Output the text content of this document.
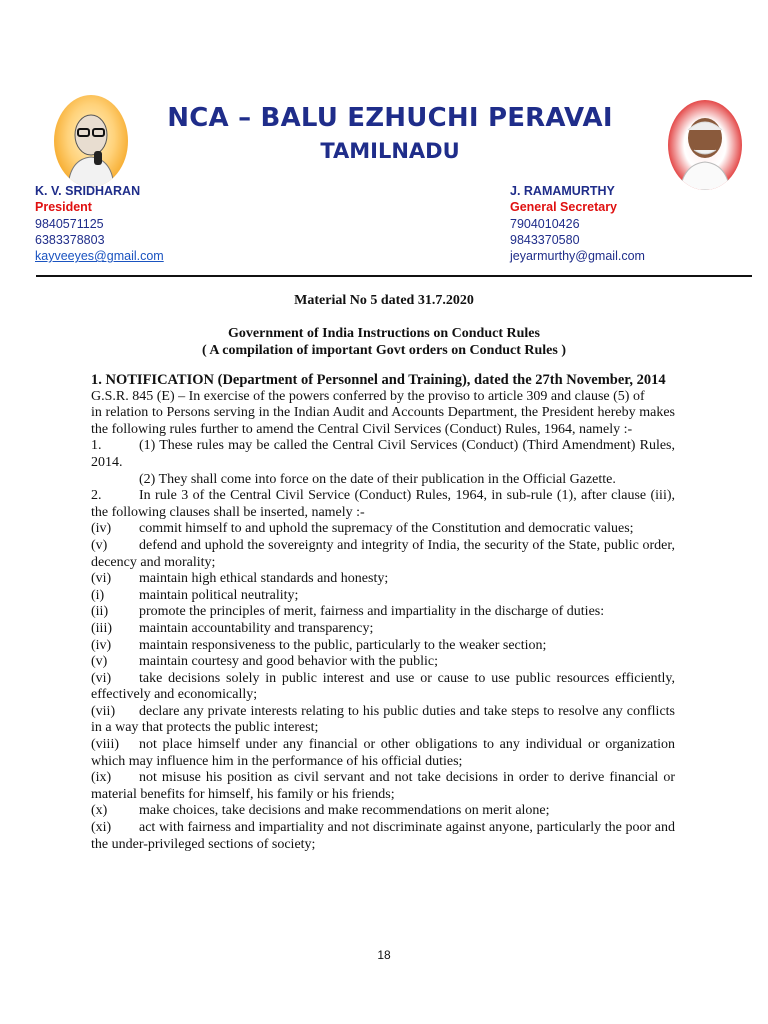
NCA – BALU EZHUCHI PERAVAI
TAMILNADU
K. V. SRIDHARAN
President
9840571125
6383378803
kayveeyes@gmail.com
J. RAMAMURTHY
General Secretary
7904010426
9843370580
jeyarmurthy@gmail.com
Material No 5 dated 31.7.2020
Government of India Instructions on Conduct Rules
( A compilation of important Govt orders on Conduct Rules )

1. NOTIFICATION (Department of Personnel and Training), dated the 27th November, 2014

G.S.R. 845 (E) – In exercise of the powers conferred by the proviso to article 309 and clause (5) of

in relation to Persons serving in the Indian Audit and Accounts Department, the President hereby makes the following rules further to amend the Central Civil Services (Conduct) Rules, 1964, namely :-

1.	(1) These rules may be called the Central Civil Services (Conduct) (Third Amendment) Rules, 2014.

(2) They shall come into force on the date of their publication in the Official Gazette.

2.	In rule 3 of the Central Civil Service (Conduct) Rules, 1964, in sub-rule (1), after clause (iii), the following clauses shall be inserted, namely :-

(iv) commit himself to and uphold the supremacy of the Constitution and democratic values;

(v) defend and uphold the sovereignty and integrity of India, the security of the State, public order, decency and morality;

(vi) maintain high ethical standards and honesty;

(i) maintain political neutrality;

(ii) promote the principles of merit, fairness and impartiality in the discharge of duties:

(iii) maintain accountability and transparency;

(iv) maintain responsiveness to the public, particularly to the weaker section;

(v) maintain courtesy and good behavior with the public;

(vi) take decisions solely in public interest and use or cause to use public resources efficiently, effectively and economically;

(vii) declare any private interests relating to his public duties and take steps to resolve any conflicts in a way that protects the public interest;

(viii) not place himself under any financial or other obligations to any individual or organization which may influence him in the performance of his official duties;

(ix) not misuse his position as civil servant and not take decisions in order to derive financial or material benefits for himself, his family or his friends;

(x) make choices, take decisions and make recommendations on merit alone;

(xi) act with fairness and impartiality and not discriminate against anyone, particularly the poor and the under-privileged sections of society;

18
